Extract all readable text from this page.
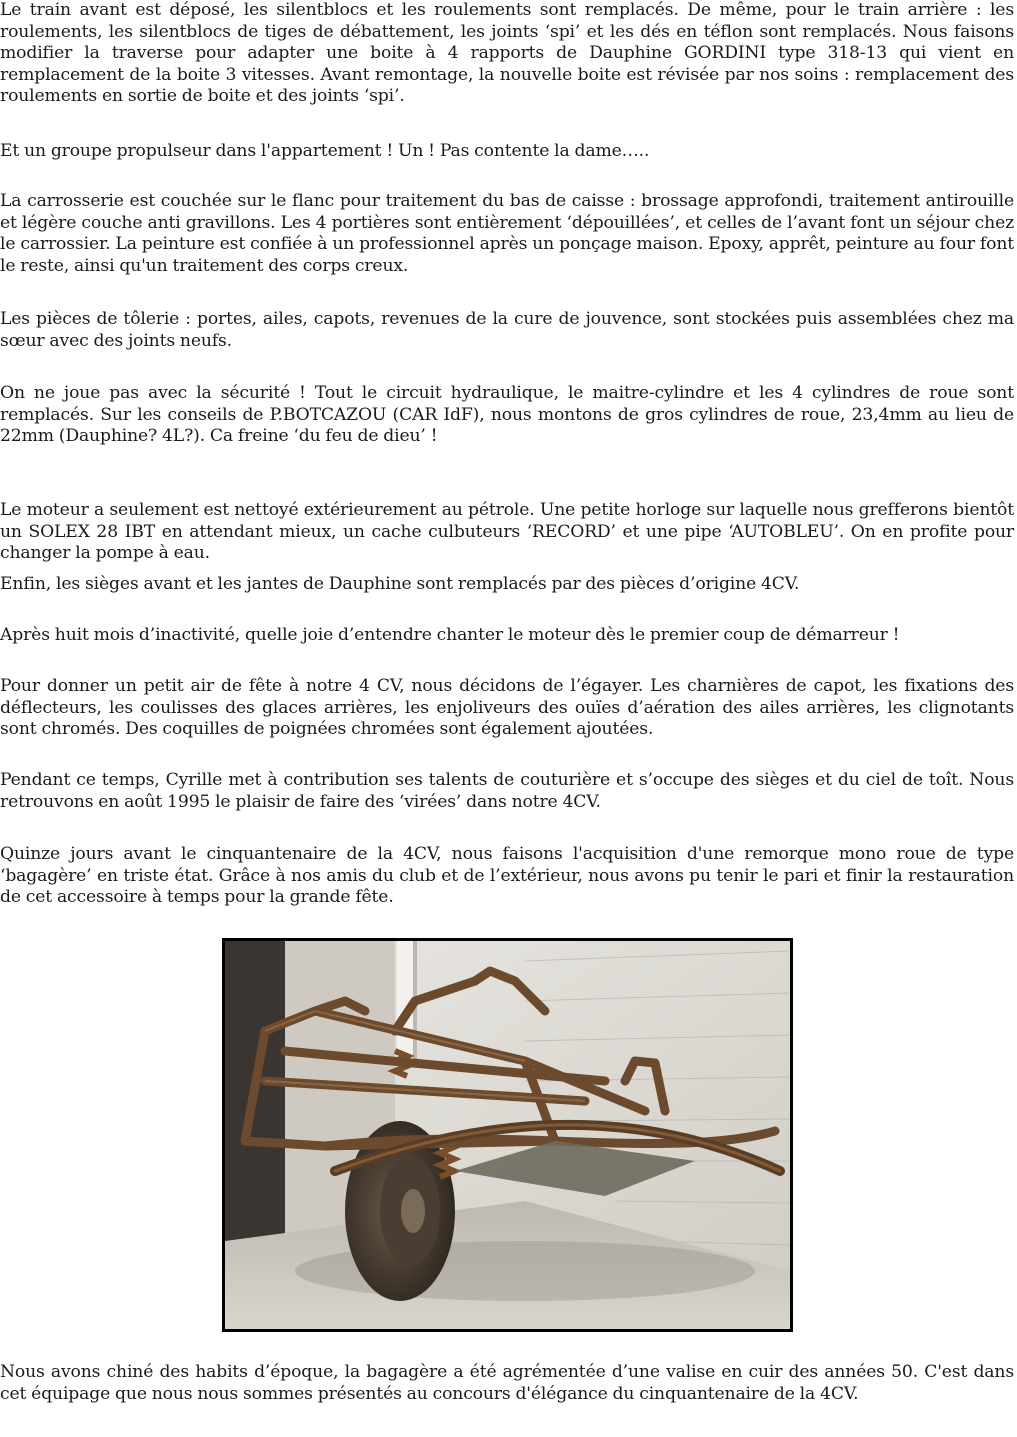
Le train avant est déposé, les silentblocs et les roulements sont remplacés. De même, pour le train arrière : les roulements, les silentblocs de tiges de débattement, les joints ‘spi’ et les dés en téflon sont remplacés. Nous faisons modifier la traverse pour adapter une boite à 4 rapports de Dauphine GORDINI type 318-13 qui vient en remplacement de la boite 3 vitesses. Avant remontage, la nouvelle boite est révisée par nos soins : remplacement des roulements en sortie de boite et des joints ‘spi’.

Et un groupe propulseur dans l'appartement ! Un ! Pas contente la dame…..

La carrosserie est couchée sur le flanc pour traitement du bas de caisse : brossage approfondi, traitement antirouille et légère couche anti gravillons. Les 4 portières sont entièrement ‘dépouillées’, et celles de l’avant font un séjour chez le carrossier. La peinture est confiée à un professionnel après un ponçage maison. Epoxy, apprêt, peinture au four font le reste, ainsi qu'un traitement des corps creux.

Les pièces de tôlerie : portes, ailes, capots, revenues de la cure de jouvence, sont stockées puis assemblées chez ma sœur avec des joints neufs.

On ne joue pas avec la sécurité ! Tout le circuit hydraulique, le maitre-cylindre et les 4 cylindres de roue sont remplacés. Sur les conseils de P.BOTCAZOU (CAR IdF), nous montons de gros cylindres de roue, 23,4mm au lieu de 22mm (Dauphine? 4L?). Ca freine ‘du feu de dieu’ !

Le moteur a seulement est nettoyé extérieurement au pétrole. Une petite horloge sur laquelle nous grefferons bientôt un SOLEX 28 IBT en attendant mieux, un cache culbuteurs ‘RECORD’ et une pipe ‘AUTOBLEU’. On en profite pour changer la pompe à eau.

Enfin, les sièges avant et les jantes de Dauphine sont remplacés par des pièces d’origine 4CV.

Après huit mois d’inactivité, quelle joie d’entendre chanter le moteur dès le premier coup de démarreur !

Pour donner un petit air de fête à notre 4 CV, nous décidons de l’égayer. Les charnières de capot, les fixations des déflecteurs, les coulisses des glaces arrières, les enjoliveurs des ouïes d’aération des ailes arrières, les clignotants sont chromés. Des coquilles de poignées chromées sont également ajoutées.

Pendant ce temps, Cyrille met à contribution ses talents de couturière et s’occupe des sièges et du ciel de toît. Nous retrouvons en août 1995 le plaisir de faire des ‘virées’ dans notre 4CV.

Quinze jours avant le cinquantenaire de la 4CV, nous faisons l'acquisition d'une remorque mono roue de type ‘bagagère’ en triste état. Grâce à nos amis du club et de l’extérieur, nous avons pu tenir le pari et finir la restauration de cet accessoire à temps pour la grande fête.

Nous avons chiné des habits d’époque, la bagagère a été agrémentée d’une valise en cuir des années 50. C'est dans cet équipage que nous nous sommes présentés au concours d'élégance du cinquantenaire de la 4CV.
